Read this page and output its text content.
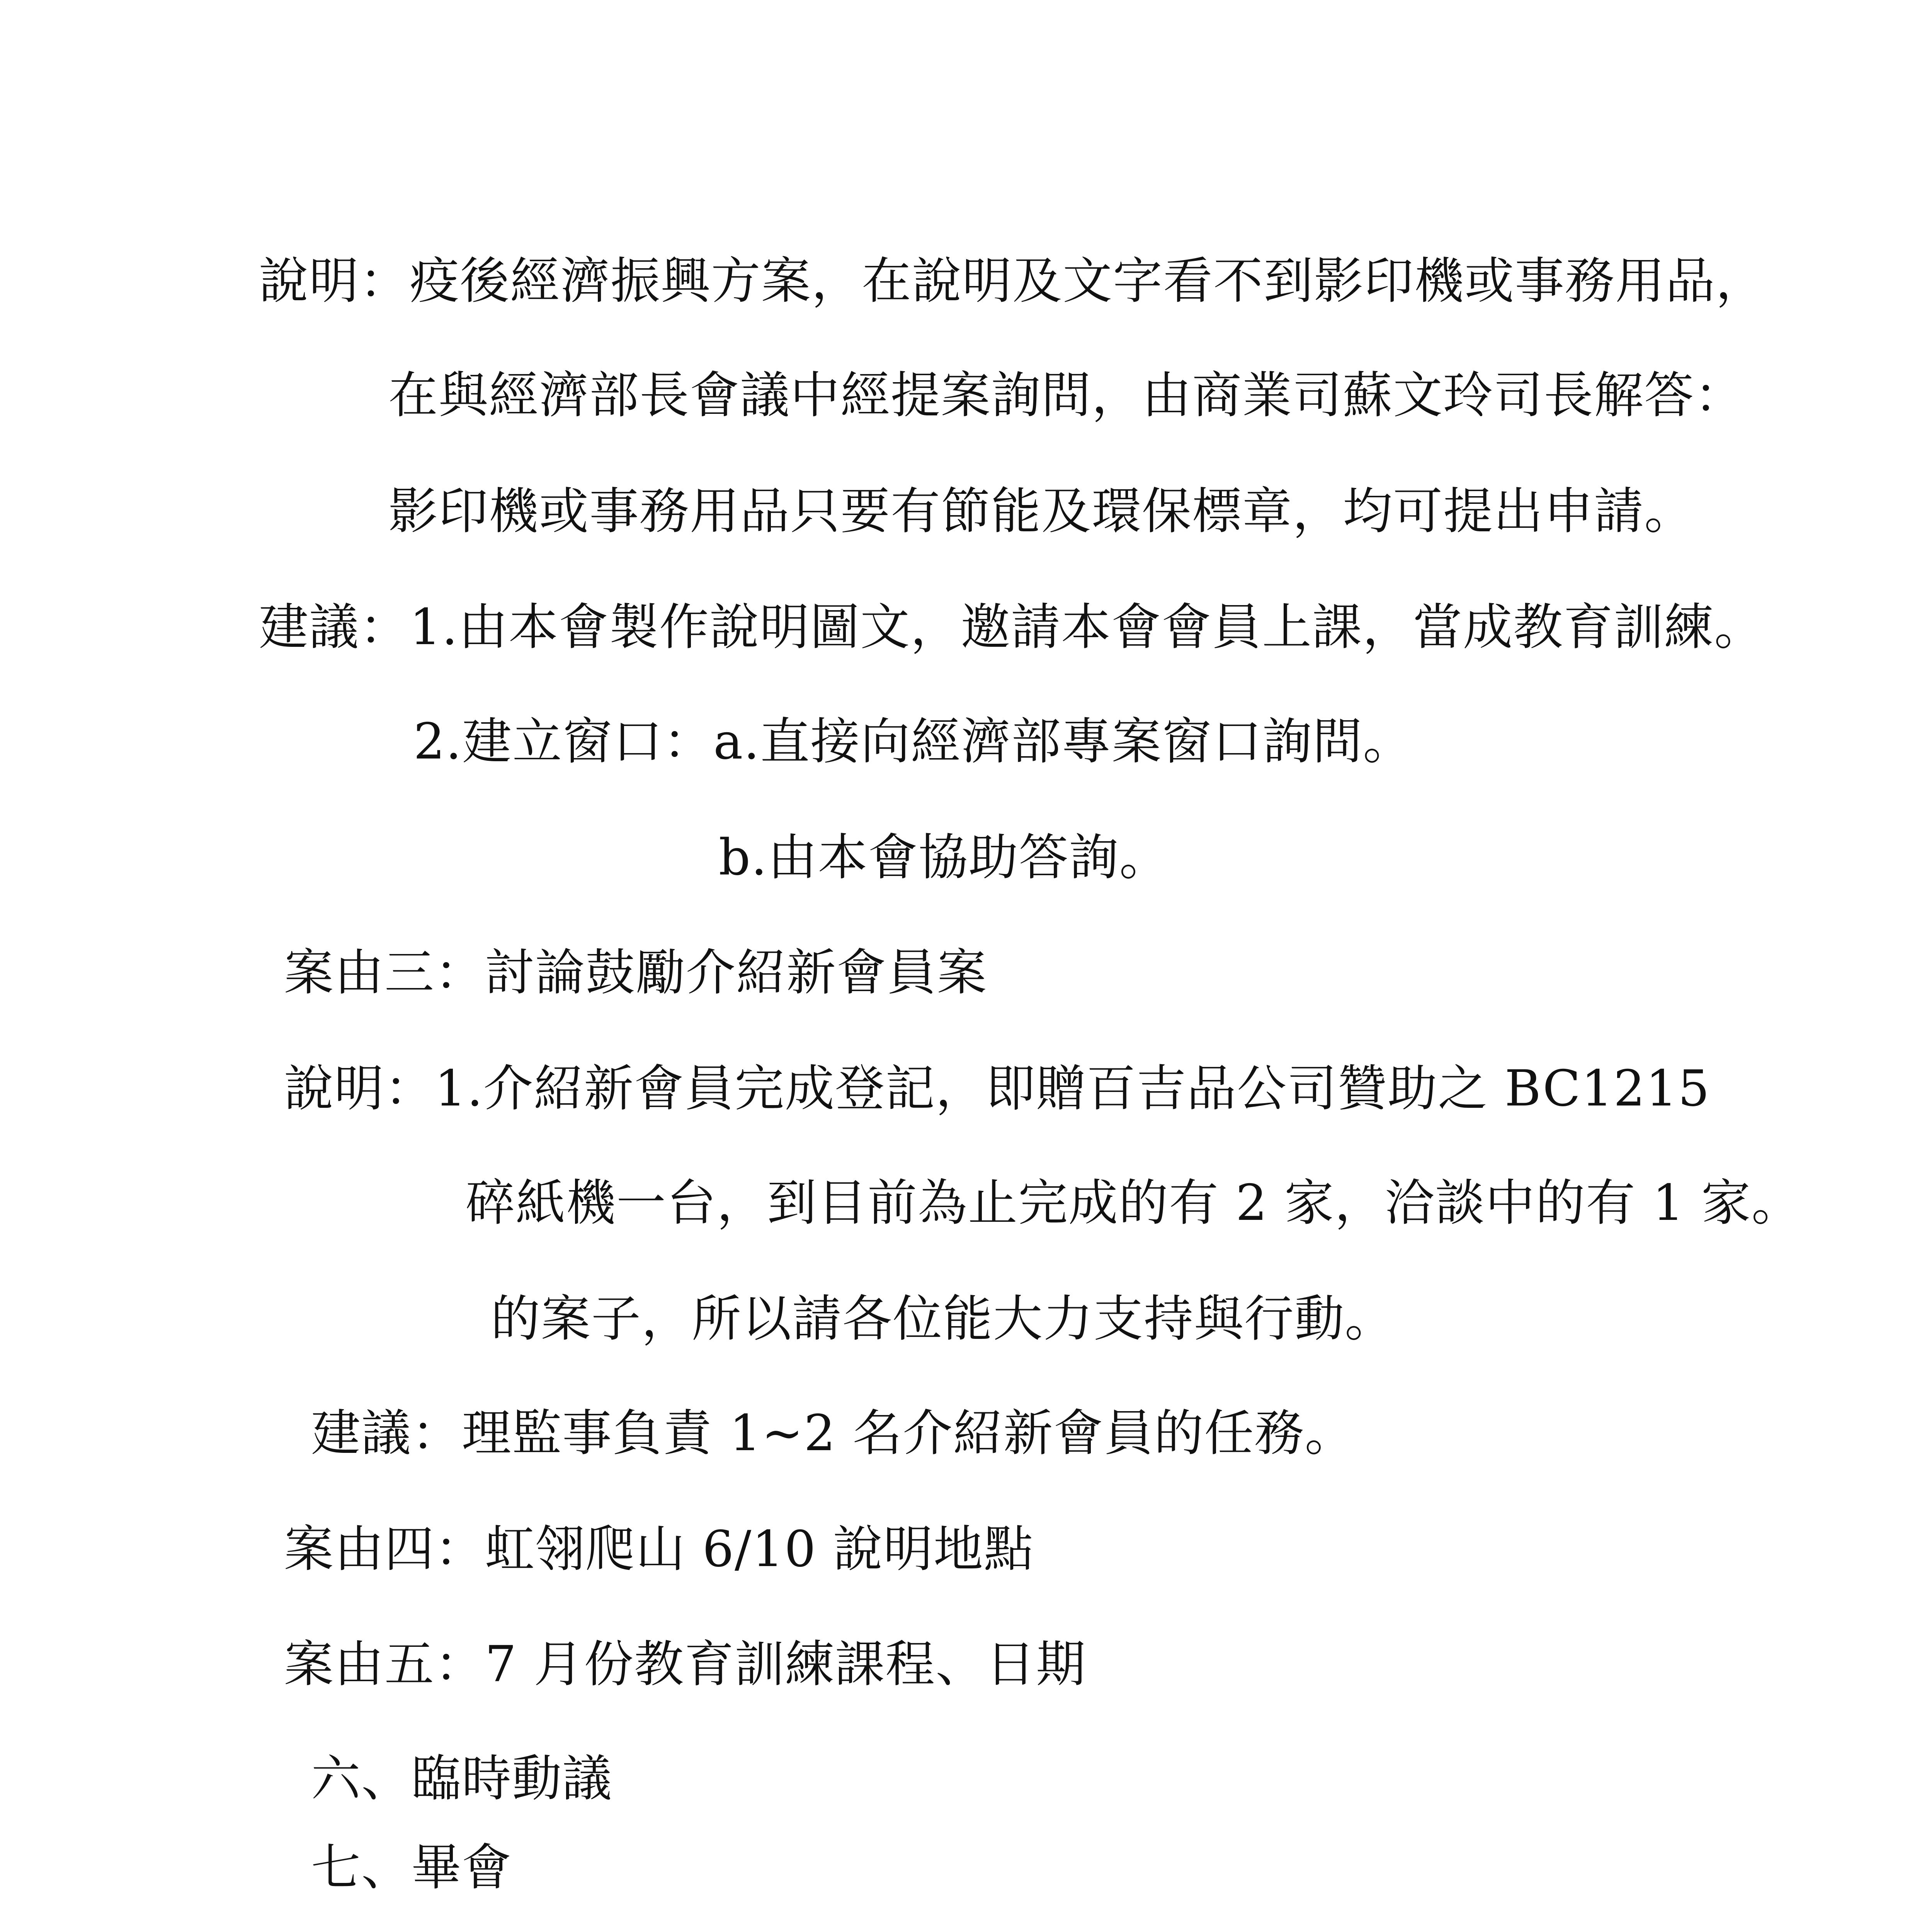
說明：疫後經濟振興方案，在說明及文字看不到影印機或事務用品，
在與經濟部長會議中經提案詢問，由商業司蘇文玲司長解答：
影印機或事務用品只要有節能及環保標章，均可提出申請。
建議：1.由本會製作說明圖文，邀請本會會員上課，當成教育訓練。
2.建立窗口：a.直接向經濟部專案窗口詢問。
b.由本會協助答詢。
案由三：討論鼓勵介紹新會員案
說明：1.介紹新會員完成登記，即贈百吉品公司贊助之 BC1215
碎紙機一台，到目前為止完成的有 2 家，洽談中的有 1 家。
的案子，所以請各位能大力支持與行動。
建議：理監事負責 1~2 名介紹新會員的任務。
案由四：虹翎爬山 6/10 說明地點
案由五：7 月份教育訓練課程、日期
六、臨時動議
七、畢會
